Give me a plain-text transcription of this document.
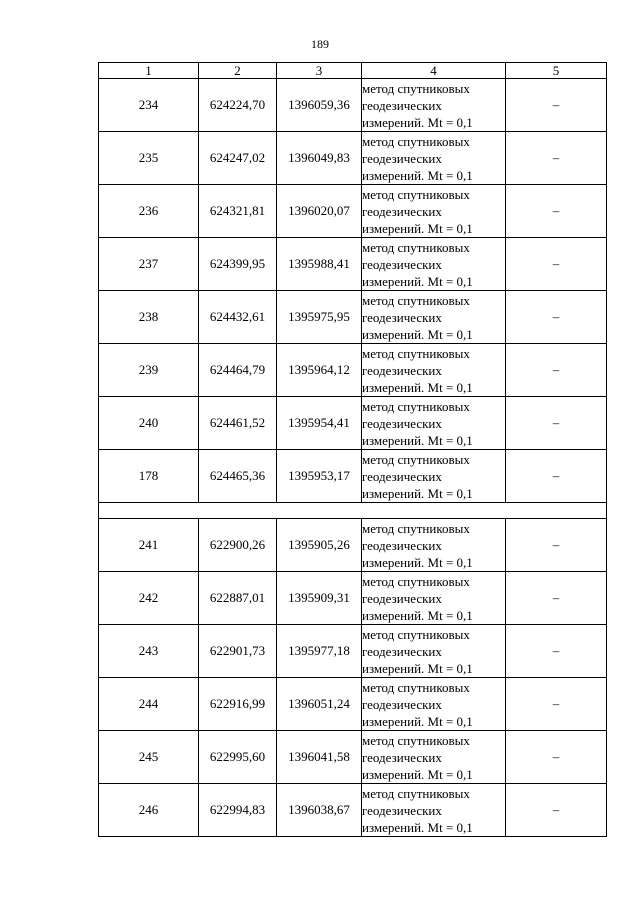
189
1	2	3	4	5
234	624224,70	1396059,36	метод спутниковых
геодезических
измерений. Mt = 0,1	–
235	624247,02	1396049,83	метод спутниковых
геодезических
измерений. Mt = 0,1	–
236	624321,81	1396020,07	метод спутниковых
геодезических
измерений. Mt = 0,1	–
237	624399,95	1395988,41	метод спутниковых
геодезических
измерений. Mt = 0,1	–
238	624432,61	1395975,95	метод спутниковых
геодезических
измерений. Mt = 0,1	–
239	624464,79	1395964,12	метод спутниковых
геодезических
измерений. Mt = 0,1	–
240	624461,52	1395954,41	метод спутниковых
геодезических
измерений. Mt = 0,1	–
178	624465,36	1395953,17	метод спутниковых
геодезических
измерений. Mt = 0,1	–

241	622900,26	1395905,26	метод спутниковых
геодезических
измерений. Mt = 0,1	–
242	622887,01	1395909,31	метод спутниковых
геодезических
измерений. Mt = 0,1	–
243	622901,73	1395977,18	метод спутниковых
геодезических
измерений. Mt = 0,1	–
244	622916,99	1396051,24	метод спутниковых
геодезических
измерений. Mt = 0,1	–
245	622995,60	1396041,58	метод спутниковых
геодезических
измерений. Mt = 0,1	–
246	622994,83	1396038,67	метод спутниковых
геодезических
измерений. Mt = 0,1	–
